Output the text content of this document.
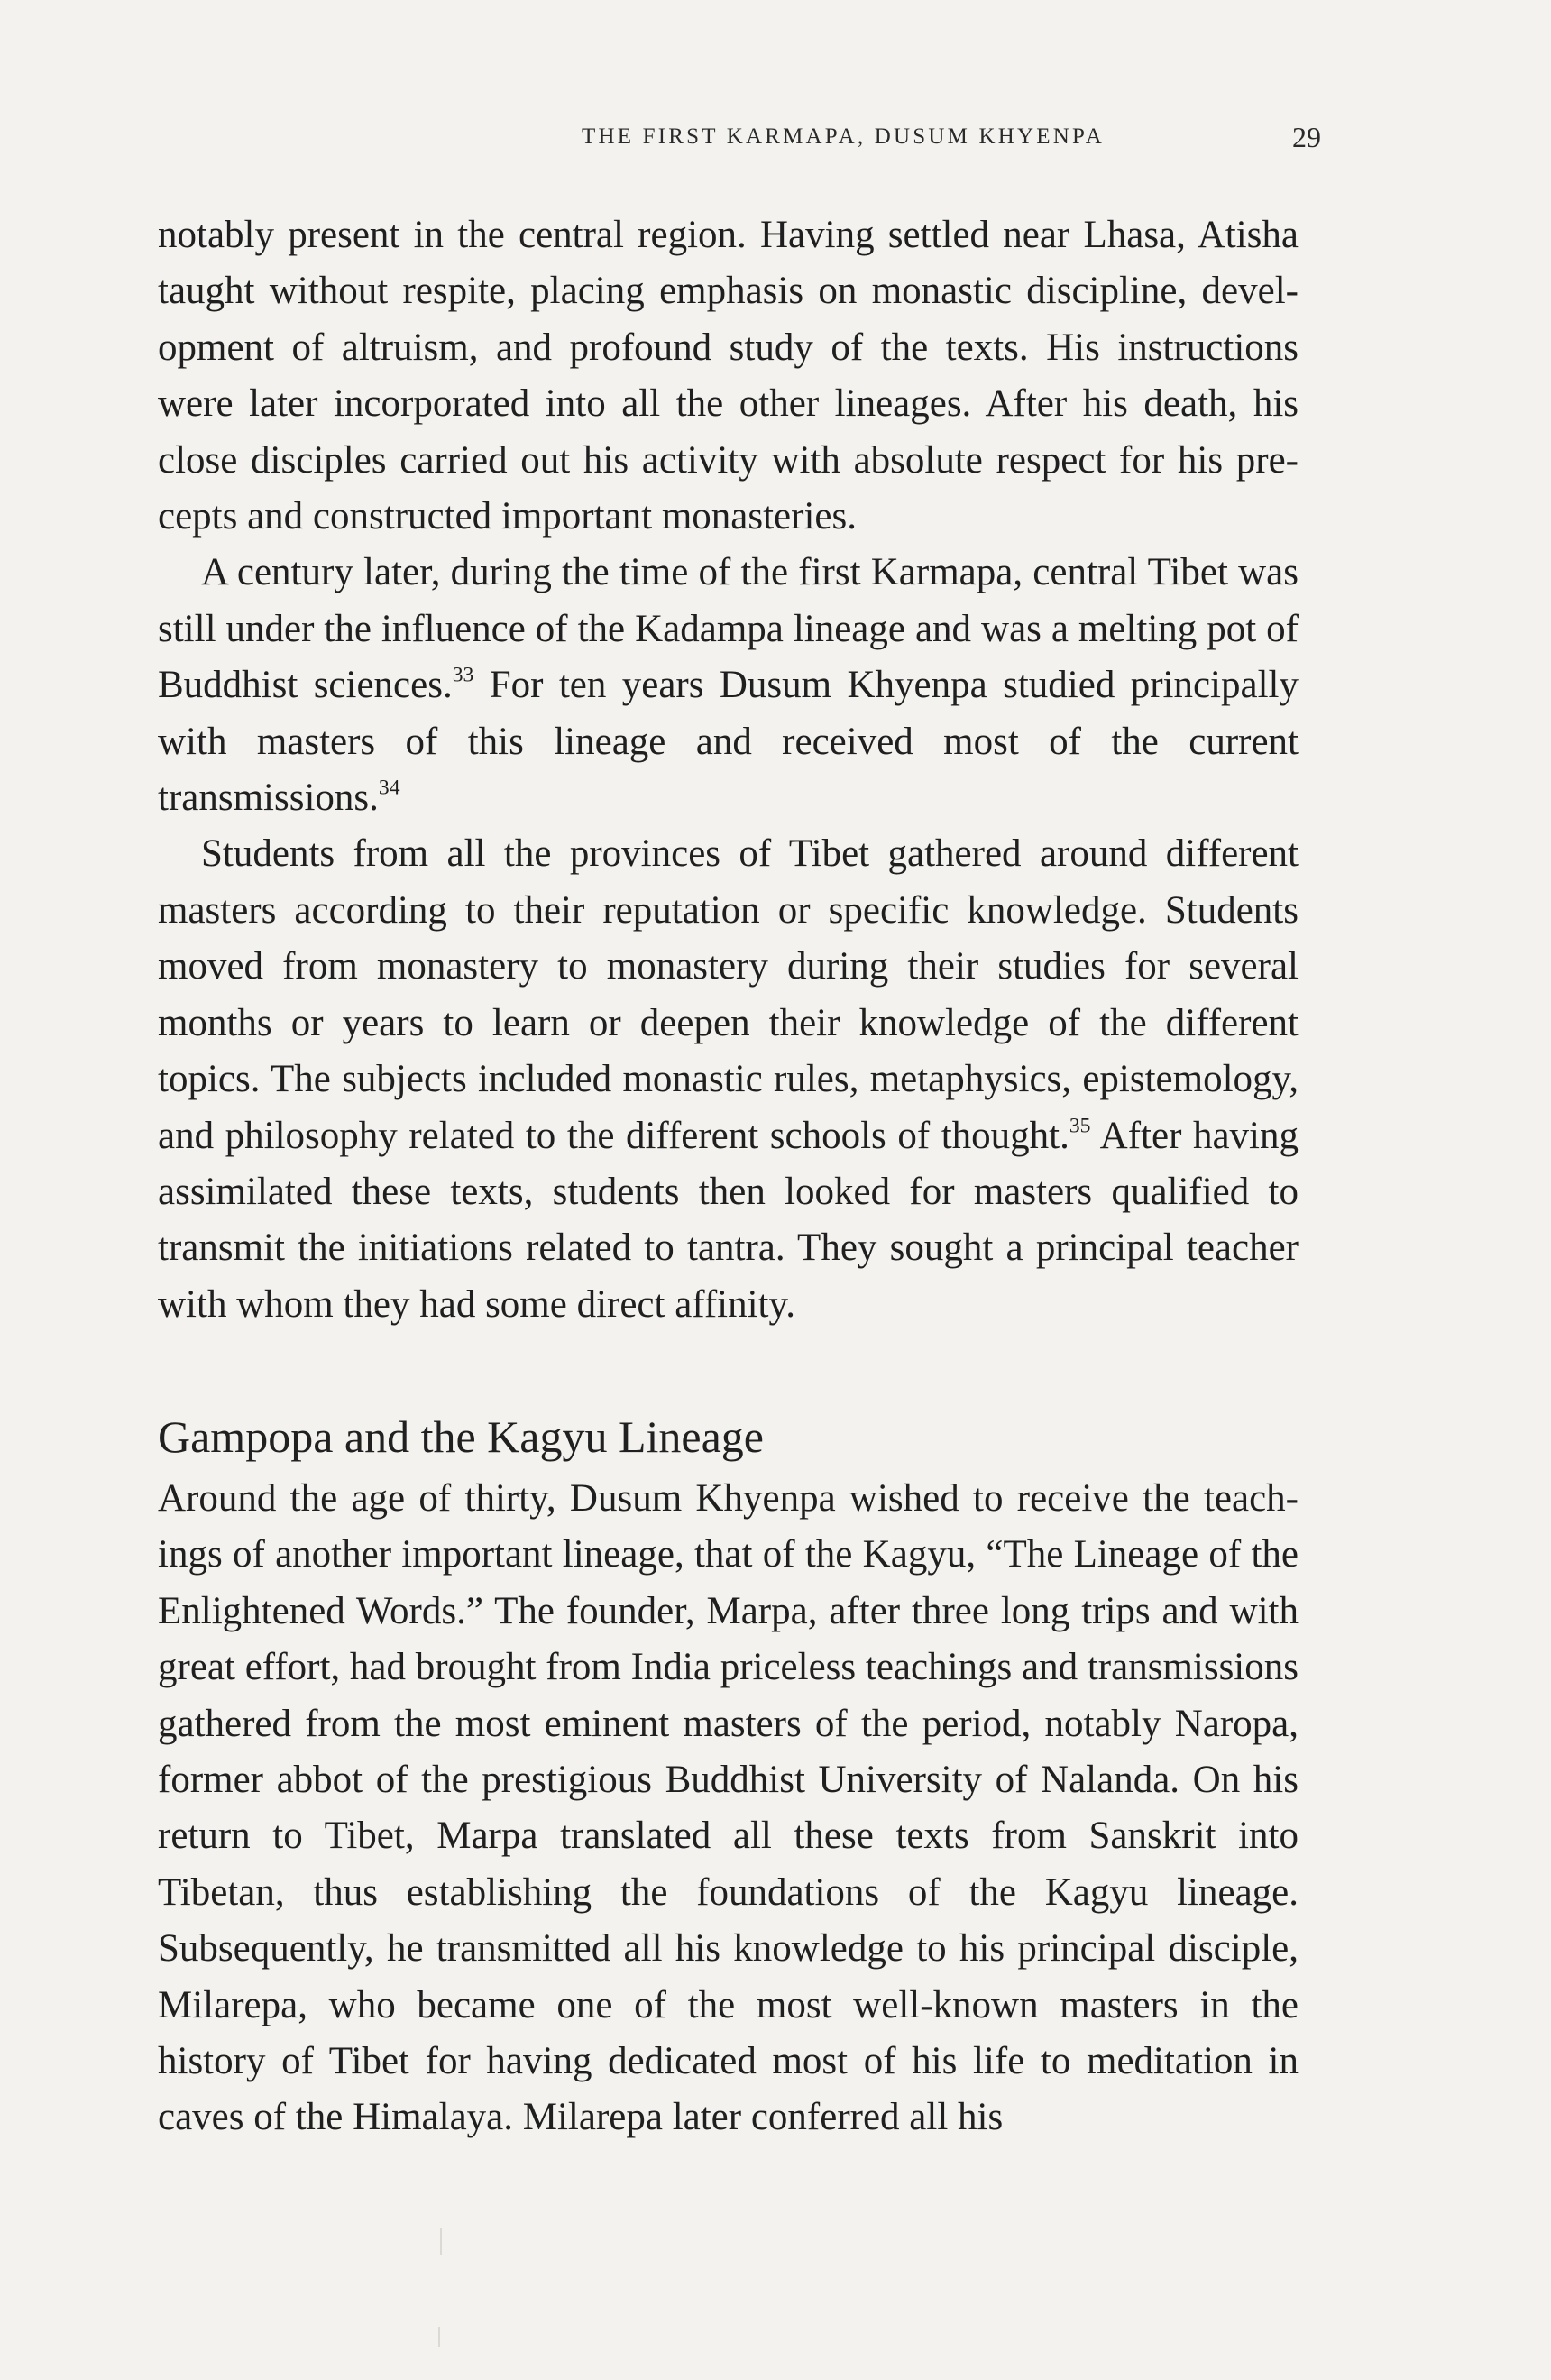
THE FIRST KARMAPA, DUSUM KHYENPA	29

notably present in the central region. Having settled near Lhasa, Atisha taught without respite, placing emphasis on monastic discipline, development of altruism, and profound study of the texts. His instructions were later incorporated into all the other lineages. After his death, his close disciples carried out his activity with absolute respect for his precepts and constructed important monasteries.

A century later, during the time of the first Karmapa, central Tibet was still under the influence of the Kadampa lineage and was a melting pot of Buddhist sciences.$^{33}$ For ten years Dusum Khyenpa studied principally with masters of this lineage and received most of the current transmissions.$^{34}$

Students from all the provinces of Tibet gathered around different masters according to their reputation or specific knowledge. Students moved from monastery to monastery during their studies for several months or years to learn or deepen their knowledge of the different topics. The subjects included monastic rules, metaphysics, epistemology, and philosophy related to the different schools of thought.$^{35}$ After having assimilated these texts, students then looked for masters qualified to transmit the initiations related to tantra. They sought a principal teacher with whom they had some direct affinity.

Gampopa and the Kagyu Lineage

Around the age of thirty, Dusum Khyenpa wished to receive the teachings of another important lineage, that of the Kagyu, “The Lineage of the Enlightened Words.” The founder, Marpa, after three long trips and with great effort, had brought from India priceless teachings and transmissions gathered from the most eminent masters of the period, notably Naropa, former abbot of the prestigious Buddhist University of Nalanda. On his return to Tibet, Marpa translated all these texts from Sanskrit into Tibetan, thus establishing the foundations of the Kagyu lineage. Subsequently, he transmitted all his knowledge to his principal disciple, Milarepa, who became one of the most well-known masters in the history of Tibet for having dedicated most of his life to meditation in caves of the Himalaya. Milarepa later conferred all his
